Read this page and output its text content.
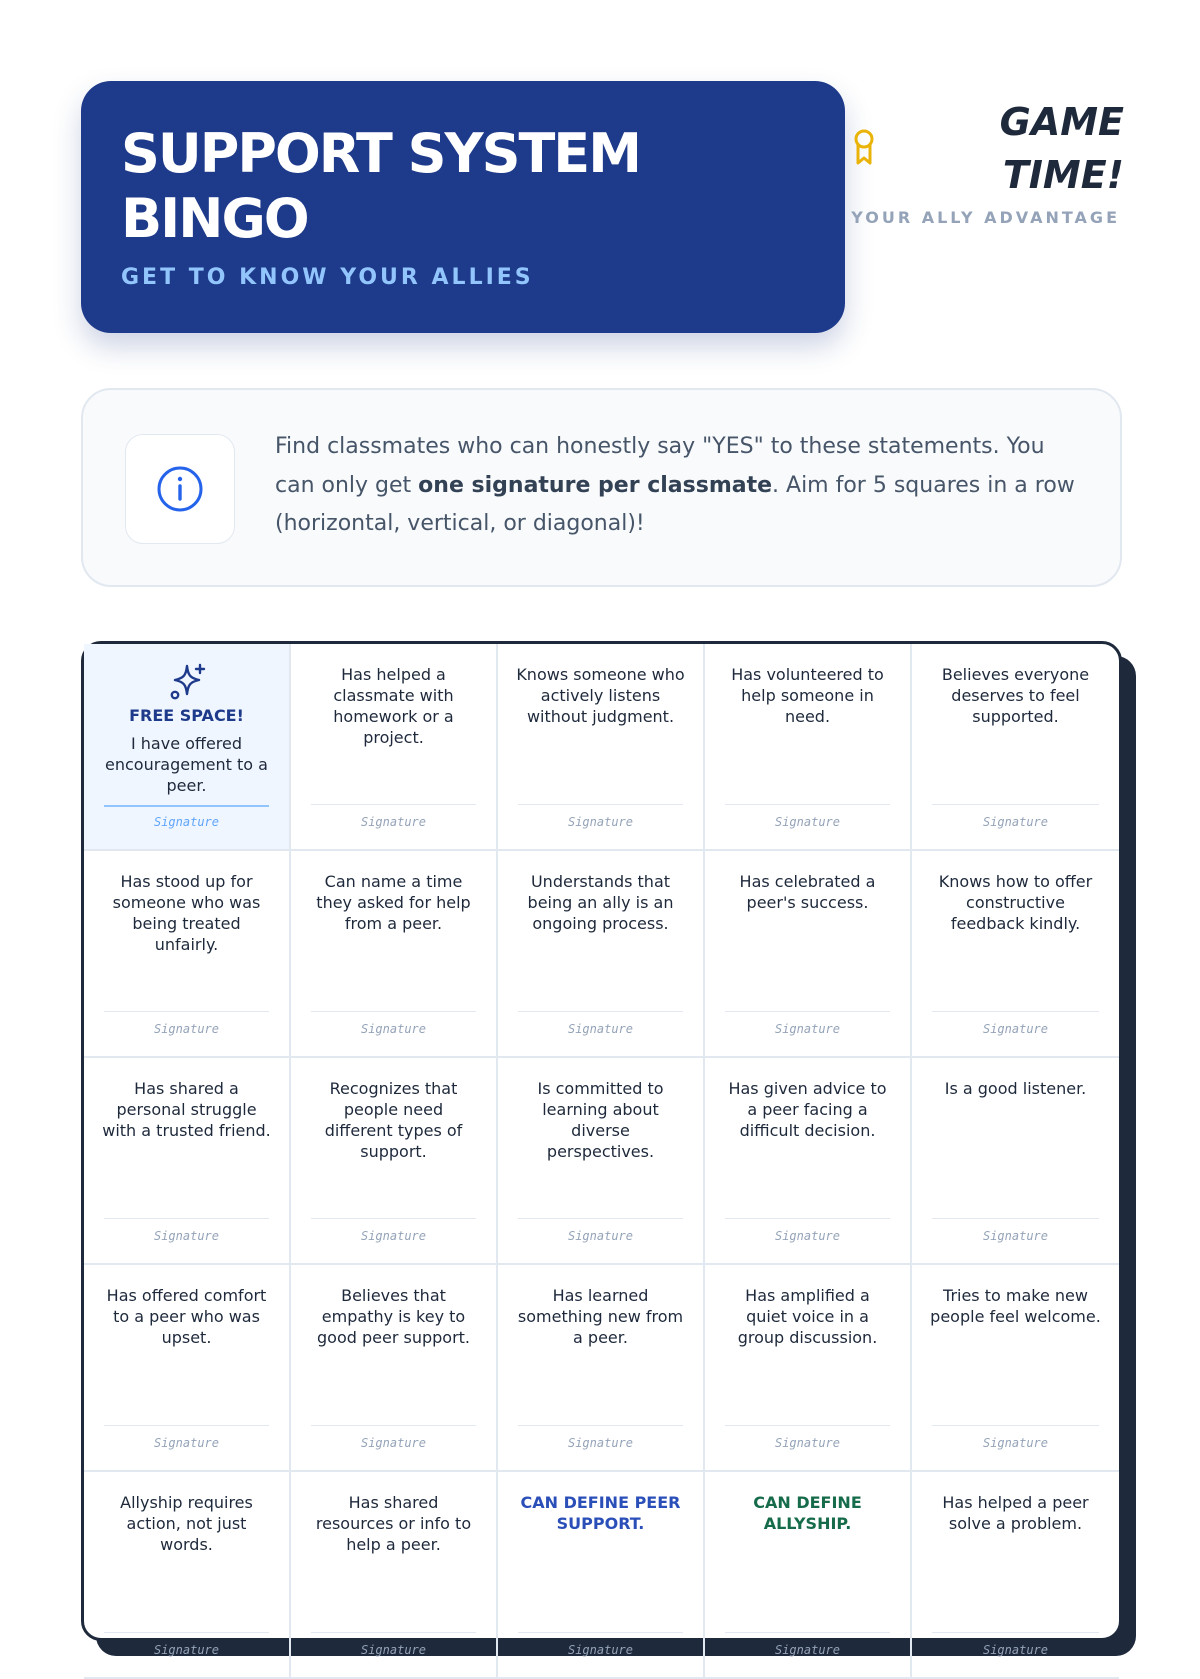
SUPPORT SYSTEM
BINGO
GET TO KNOW YOUR ALLIES
GAME
TIME!
YOUR ALLY ADVANTAGE
Find classmates who can honestly say "YES" to these statements. You can only get one signature per classmate. Aim for 5 squares in a row (horizontal, vertical, or diagonal)!
FREE SPACE!
I have offered encouragement to a peer.
Signature
Has helped a classmate with homework or a project.
Signature
Knows someone who actively listens without judgment.
Signature
Has volunteered to help someone in need.
Signature
Believes everyone deserves to feel supported.
Signature
Has stood up for someone who was being treated unfairly.
Signature
Can name a time they asked for help from a peer.
Signature
Understands that being an ally is an ongoing process.
Signature
Has celebrated a peer's success.
Signature
Knows how to offer constructive feedback kindly.
Signature
Has shared a personal struggle with a trusted friend.
Signature
Recognizes that people need different types of support.
Signature
Is committed to learning about diverse perspectives.
Signature
Has given advice to a peer facing a difficult decision.
Signature
Is a good listener.
Signature
Has offered comfort to a peer who was upset.
Signature
Believes that empathy is key to good peer support.
Signature
Has learned something new from a peer.
Signature
Has amplified a quiet voice in a group discussion.
Signature
Tries to make new people feel welcome.
Signature
Allyship requires action, not just words.
Signature
Has shared resources or info to help a peer.
Signature
CAN DEFINE PEER SUPPORT.
Signature
CAN DEFINE ALLYSHIP.
Signature
Has helped a peer solve a problem.
Signature
